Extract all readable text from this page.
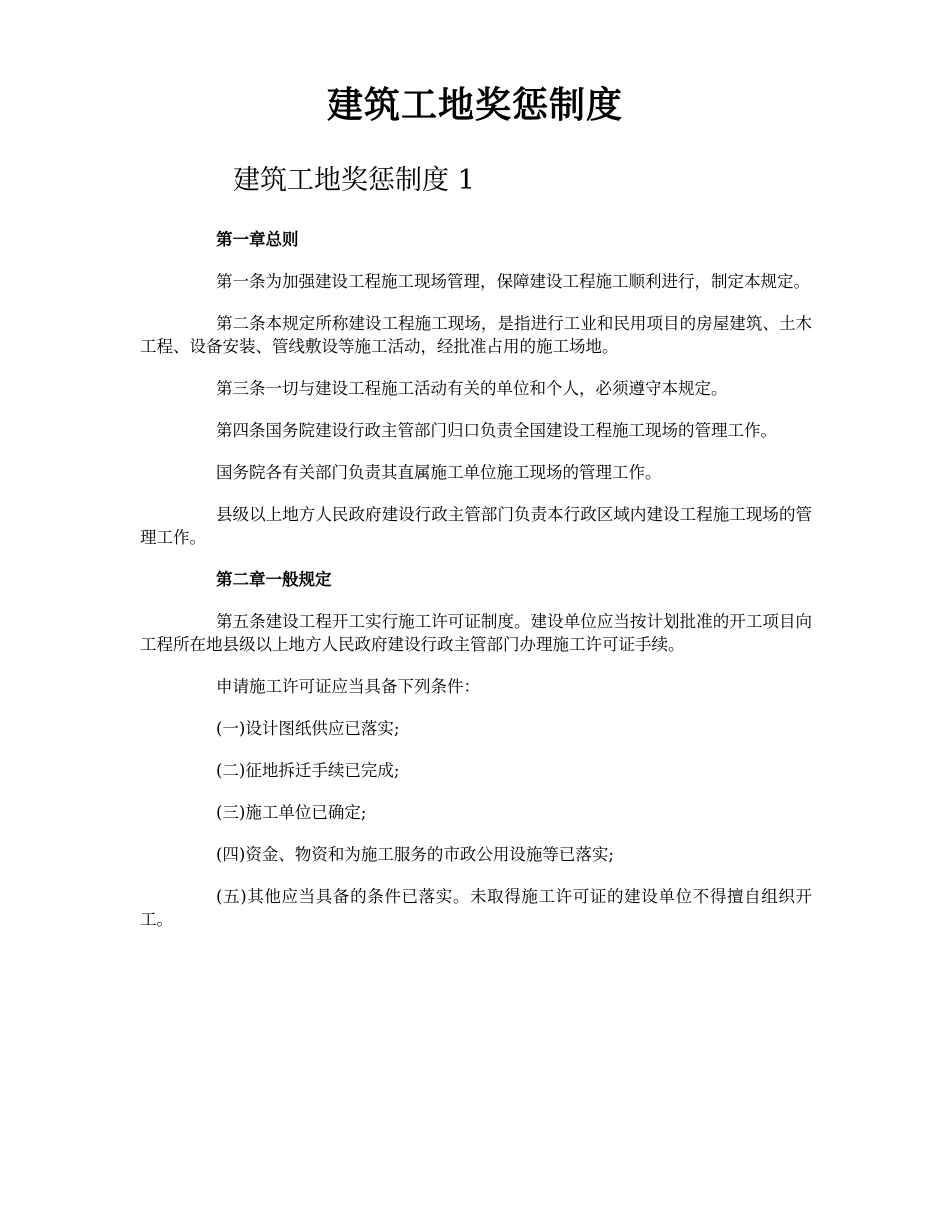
建筑工地奖惩制度
建筑工地奖惩制度 1

第一章总则

第一条为加强建设工程施工现场管理，保障建设工程施工顺利进行，制定本规定。

第二条本规定所称建设工程施工现场，是指进行工业和民用项目的房屋建筑、土木工程、设备安装、管线敷设等施工活动，经批准占用的施工场地。

第三条一切与建设工程施工活动有关的单位和个人，必须遵守本规定。

第四条国务院建设行政主管部门归口负责全国建设工程施工现场的管理工作。

国务院各有关部门负责其直属施工单位施工现场的管理工作。

县级以上地方人民政府建设行政主管部门负责本行政区域内建设工程施工现场的管理工作。

第二章一般规定

第五条建设工程开工实行施工许可证制度。建设单位应当按计划批准的开工项目向工程所在地县级以上地方人民政府建设行政主管部门办理施工许可证手续。

申请施工许可证应当具备下列条件：

(一)设计图纸供应已落实;

(二)征地拆迁手续已完成;

(三)施工单位已确定;

(四)资金、物资和为施工服务的市政公用设施等已落实;

(五)其他应当具备的条件已落实。未取得施工许可证的建设单位不得擅自组织开工。
